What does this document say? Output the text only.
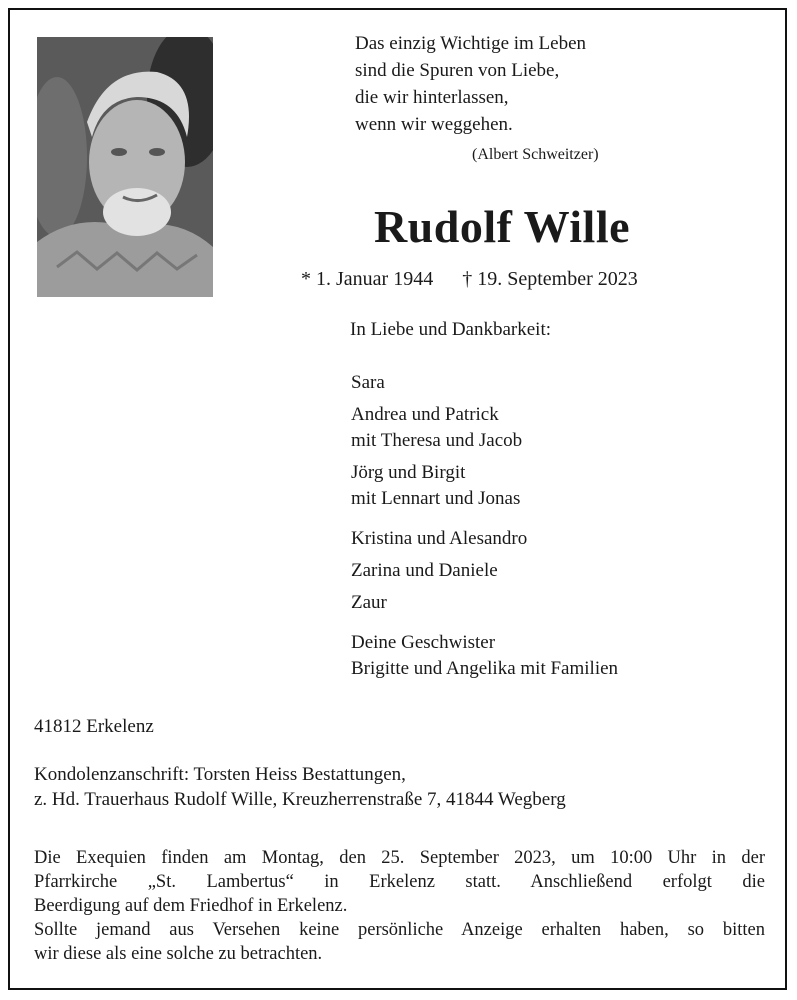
Das einzig Wichtige im Leben
sind die Spuren von Liebe,
die wir hinterlassen,
wenn wir weggehen.
(Albert Schweitzer)
Rudolf Wille
* 1. Januar 1944 † 19. September 2023
In Liebe und Dankbarkeit:
Sara
Andrea und Patrick
mit Theresa und Jacob
Jörg und Birgit
mit Lennart und Jonas
Kristina und Alesandro
Zarina und Daniele
Zaur
Deine Geschwister
Brigitte und Angelika mit Familien
41812 Erkelenz
Kondolenzanschrift: Torsten Heiss Bestattungen,
z. Hd. Trauerhaus Rudolf Wille, Kreuzherrenstraße 7, 41844 Wegberg
Die Exequien finden am Montag, den 25. September 2023, um 10:00 Uhr in der
Pfarrkirche „St. Lambertus“ in Erkelenz statt. Anschließend erfolgt die
Beerdigung auf dem Friedhof in Erkelenz.
Sollte jemand aus Versehen keine persönliche Anzeige erhalten haben, so bitten
wir diese als eine solche zu betrachten.
